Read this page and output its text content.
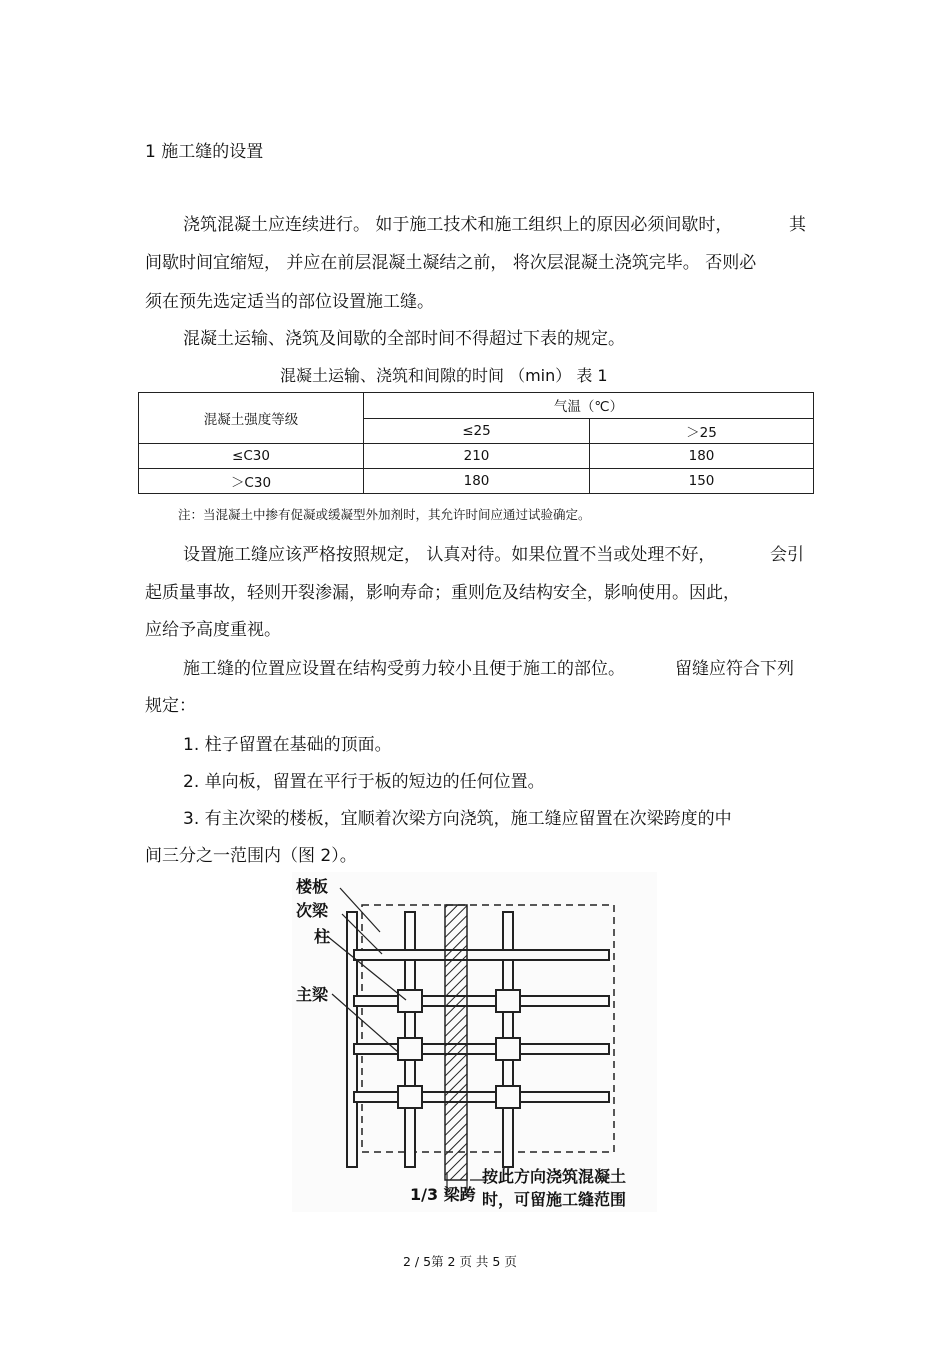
1 施工缝的设置
浇筑混凝土应连续进行。 如于施工技术和施工组织上的原因必须间歇时，	其
间歇时间宜缩短， 并应在前层混凝土凝结之前， 将次层混凝土浇筑完毕。 否则必
须在预先选定适当的部位设置施工缝。
混凝土运输、浇筑及间歇的全部时间不得超过下表的规定。
混凝土运输、浇筑和间隙的时间 （min） 表 1
混凝土强度等级	气温（℃）	
	≤25	＞25
≤C30	210	180
＞C30	180	150
注：当混凝土中掺有促凝或缓凝型外加剂时，其允许时间应通过试验确定。
设置施工缝应该严格按照规定， 认真对待。如果位置不当或处理不好，	会引
起质量事故，轻则开裂渗漏，影响寿命；重则危及结构安全，影响使用。因此，
应给予高度重视。
施工缝的位置应设置在结构受剪力较小且便于施工的部位。	留缝应符合下列
规定：
1. 柱子留置在基础的顶面。
2. 单向板，留置在平行于板的短边的任何位置。
3. 有主次梁的楼板，宜顺着次梁方向浇筑，施工缝应留置在次梁跨度的中
间三分之一范围内（图 2）。
楼板
次梁
柱
主梁
1/3 梁跨
按此方向浇筑混凝土
时，可留施工缝范围
2 / 5第 2 页 共 5 页
